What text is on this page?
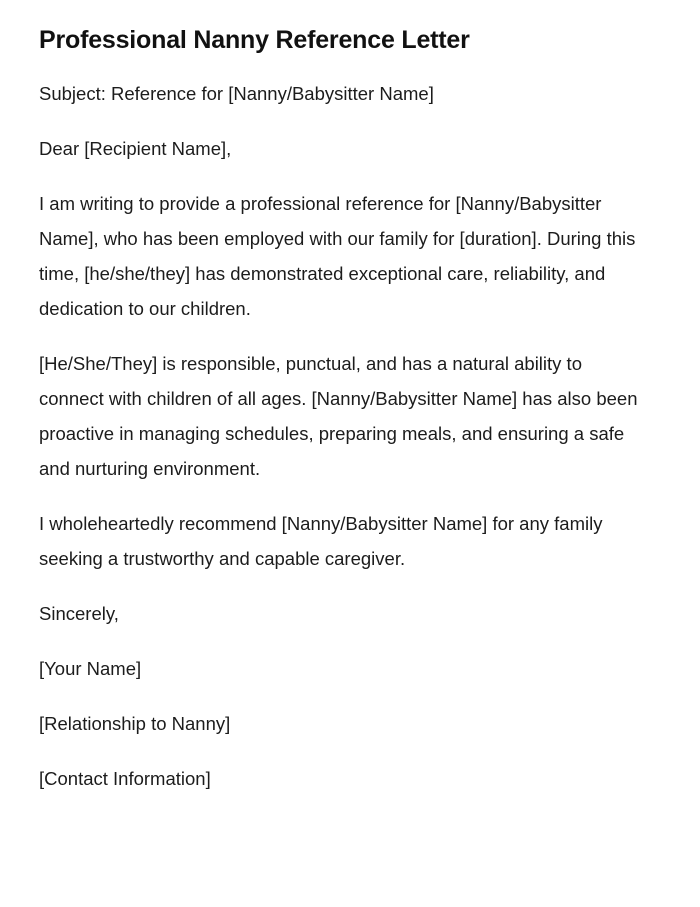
Professional Nanny Reference Letter

Subject: Reference for [Nanny/Babysitter Name]

Dear [Recipient Name],

I am writing to provide a professional reference for [Nanny/Babysitter Name], who has been employed with our family for [duration]. During this time, [he/she/they] has demonstrated exceptional care, reliability, and dedication to our children.

[He/She/They] is responsible, punctual, and has a natural ability to connect with children of all ages. [Nanny/Babysitter Name] has also been proactive in managing schedules, preparing meals, and ensuring a safe and nurturing environment.

I wholeheartedly recommend [Nanny/Babysitter Name] for any family seeking a trustworthy and capable caregiver.

Sincerely,

[Your Name]

[Relationship to Nanny]

[Contact Information]
